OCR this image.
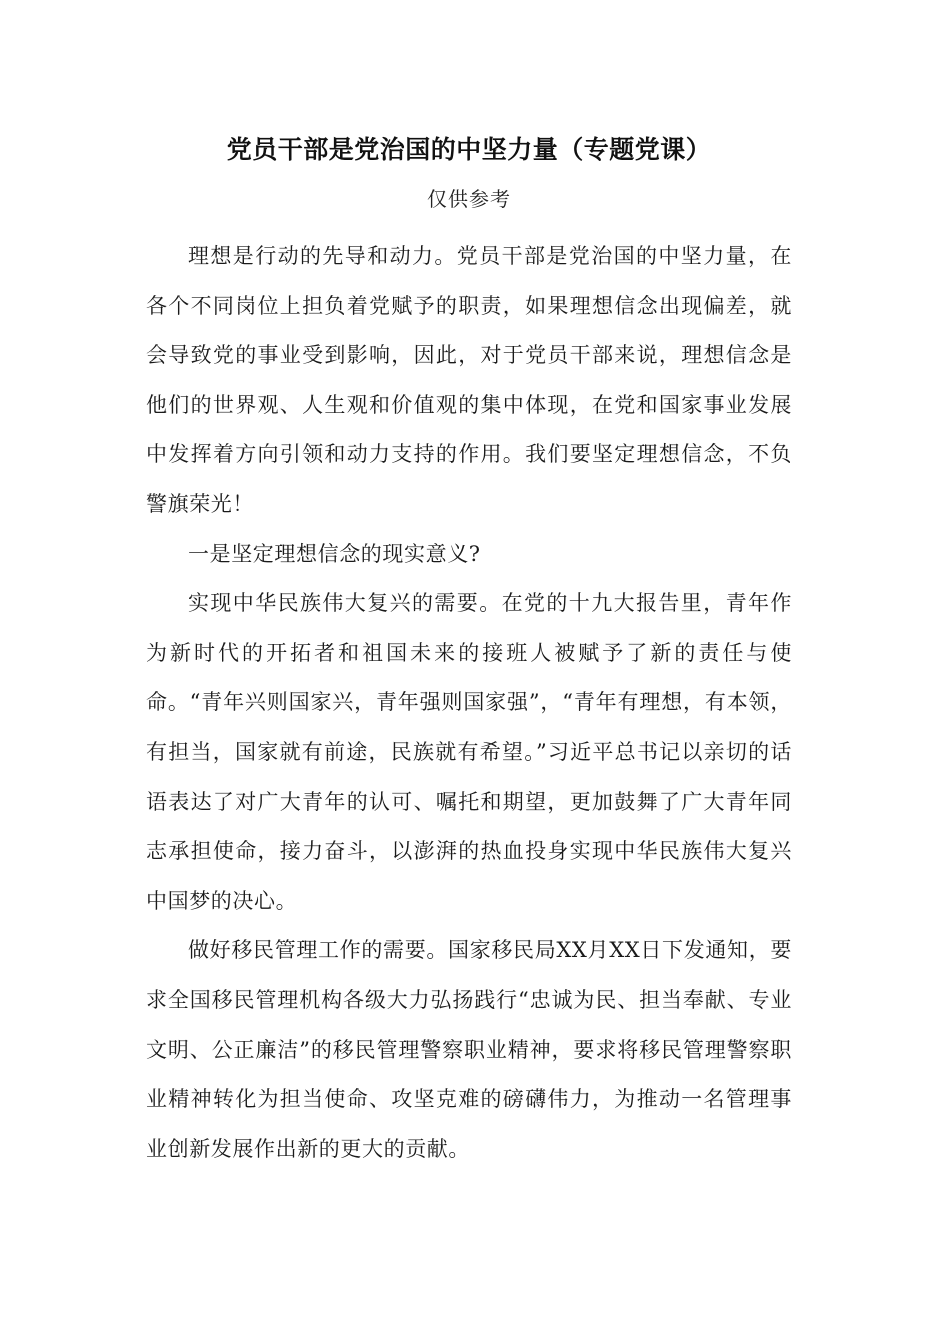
党员干部是党治国的中坚力量（专题党课）
仅供参考

理想是行动的先导和动力。党员干部是党治国的中坚力量，在各个不同岗位上担负着党赋予的职责，如果理想信念出现偏差，就会导致党的事业受到影响，因此，对于党员干部来说，理想信念是他们的世界观、人生观和价值观的集中体现，在党和国家事业发展中发挥着方向引领和动力支持的作用。我们要坚定理想信念，不负警旗荣光！

一是坚定理想信念的现实意义?

实现中华民族伟大复兴的需要。在党的十九大报告里，青年作为新时代的开拓者和祖国未来的接班人被赋予了新的责任与使命。“青年兴则国家兴，青年强则国家强”，“青年有理想，有本领，有担当，国家就有前途，民族就有希望。”习近平总书记以亲切的话语表达了对广大青年的认可、嘱托和期望，更加鼓舞了广大青年同志承担使命，接力奋斗，以澎湃的热血投身实现中华民族伟大复兴中国梦的决心。

做好移民管理工作的需要。国家移民局XX月XX日下发通知，要求全国移民管理机构各级大力弘扬践行“忠诚为民、担当奉献、专业文明、公正廉洁”的移民管理警察职业精神，要求将移民管理警察职业精神转化为担当使命、攻坚克难的磅礴伟力，为推动一名管理事业创新发展作出新的更大的贡献。
